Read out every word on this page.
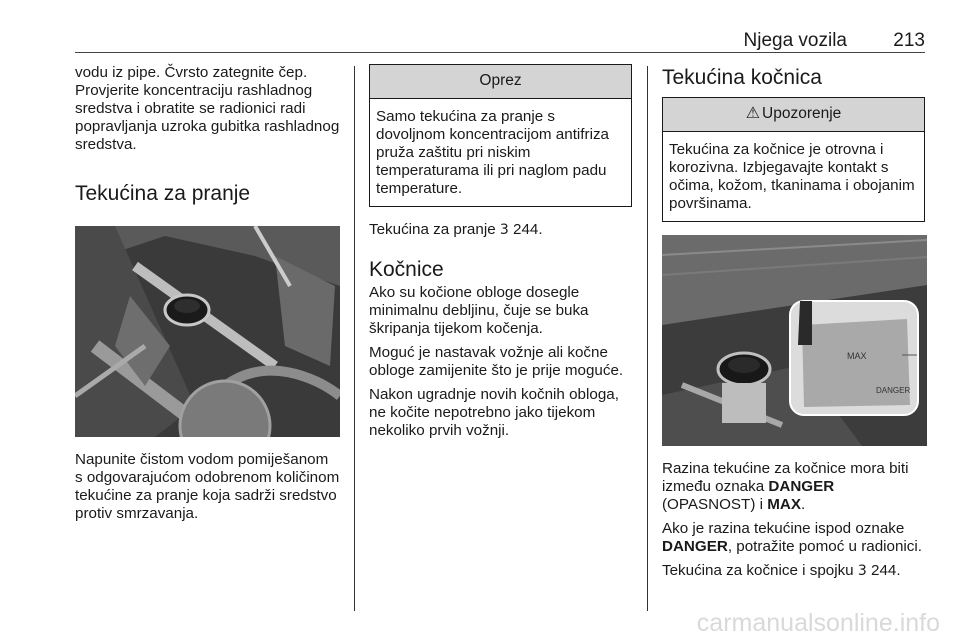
Njega vozila 213

vodu iz pipe. Čvrsto zategnite čep. Provjerite koncentraciju rashladnog sredstva i obratite se radionici radi popravljanja uzroka gubitka rashladnog sredstva.

Tekućina za pranje

Napunite čistom vodom pomiješanom s odgovarajućom odobrenom količinom tekućine za pranje koja sadrži sredstvo protiv smrzavanja.

Oprez

Samo tekućina za pranje s dovoljnom koncentracijom antifriza pruža zaštitu pri niskim temperaturama ili pri naglom padu temperature.

Tekućina za pranje 3 244.

Kočnice

Ako su kočione obloge dosegle minimalnu debljinu, čuje se buka škripanja tijekom kočenja.

Moguć je nastavak vožnje ali kočne obloge zamijenite što je prije moguće.

Nakon ugradnje novih kočnih obloga, ne kočite nepotrebno jako tijekom nekoliko prvih vožnji.

Tekućina kočnica
⚠ Upozorenje

Tekućina za kočnice je otrovna i korozivna. Izbjegavajte kontakt s očima, kožom, tkaninama i obojanim površinama.

MAX
DANGER

Razina tekućine za kočnice mora biti između oznaka DANGER (OPASNOST) i MAX.

Ako je razina tekućine ispod oznake DANGER, potražite pomoć u radionici.

Tekućina za kočnice i spojku 3 244.

carmanualsonline.info
